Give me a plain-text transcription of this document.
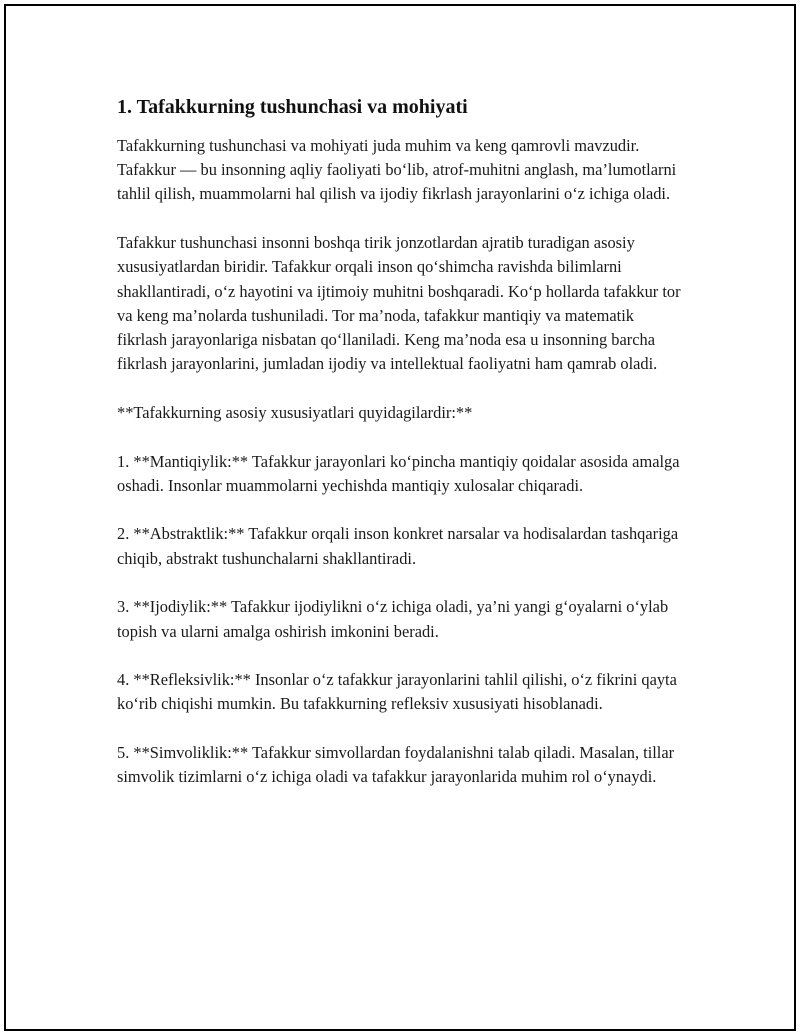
1. Tafakkurning tushunchasi va mohiyati

Tafakkurning tushunchasi va mohiyati juda muhim va keng qamrovli mavzudir. Tafakkur — bu insonning aqliy faoliyati bo‘lib, atrof-muhitni anglash, ma’lumotlarni tahlil qilish, muammolarni hal qilish va ijodiy fikrlash jarayonlarini o‘z ichiga oladi.

Tafakkur tushunchasi insonni boshqa tirik jonzotlardan ajratib turadigan asosiy xususiyatlardan biridir. Tafakkur orqali inson qo‘shimcha ravishda bilimlarni shakllantiradi, o‘z hayotini va ijtimoiy muhitni boshqaradi. Ko‘p hollarda tafakkur tor va keng ma’nolarda tushuniladi. Tor ma’noda, tafakkur mantiqiy va matematik fikrlash jarayonlariga nisbatan qo‘llaniladi. Keng ma’noda esa u insonning barcha fikrlash jarayonlarini, jumladan ijodiy va intellektual faoliyatni ham qamrab oladi.

**Tafakkurning asosiy xususiyatlari quyidagilardir:**

1. **Mantiqiylik:** Tafakkur jarayonlari ko‘pincha mantiqiy qoidalar asosida amalga oshadi. Insonlar muammolarni yechishda mantiqiy xulosalar chiqaradi.

2. **Abstraktlik:** Tafakkur orqali inson konkret narsalar va hodisalardan tashqariga chiqib, abstrakt tushunchalarni shakllantiradi.

3. **Ijodiylik:** Tafakkur ijodiylikni o‘z ichiga oladi, ya’ni yangi g‘oyalarni o‘ylab topish va ularni amalga oshirish imkonini beradi.

4. **Refleksivlik:** Insonlar o‘z tafakkur jarayonlarini tahlil qilishi, o‘z fikrini qayta ko‘rib chiqishi mumkin. Bu tafakkurning refleksiv xususiyati hisoblanadi.

5. **Simvoliklik:** Tafakkur simvollardan foydalanishni talab qiladi. Masalan, tillar simvolik tizimlarni o‘z ichiga oladi va tafakkur jarayonlarida muhim rol o‘ynaydi.
